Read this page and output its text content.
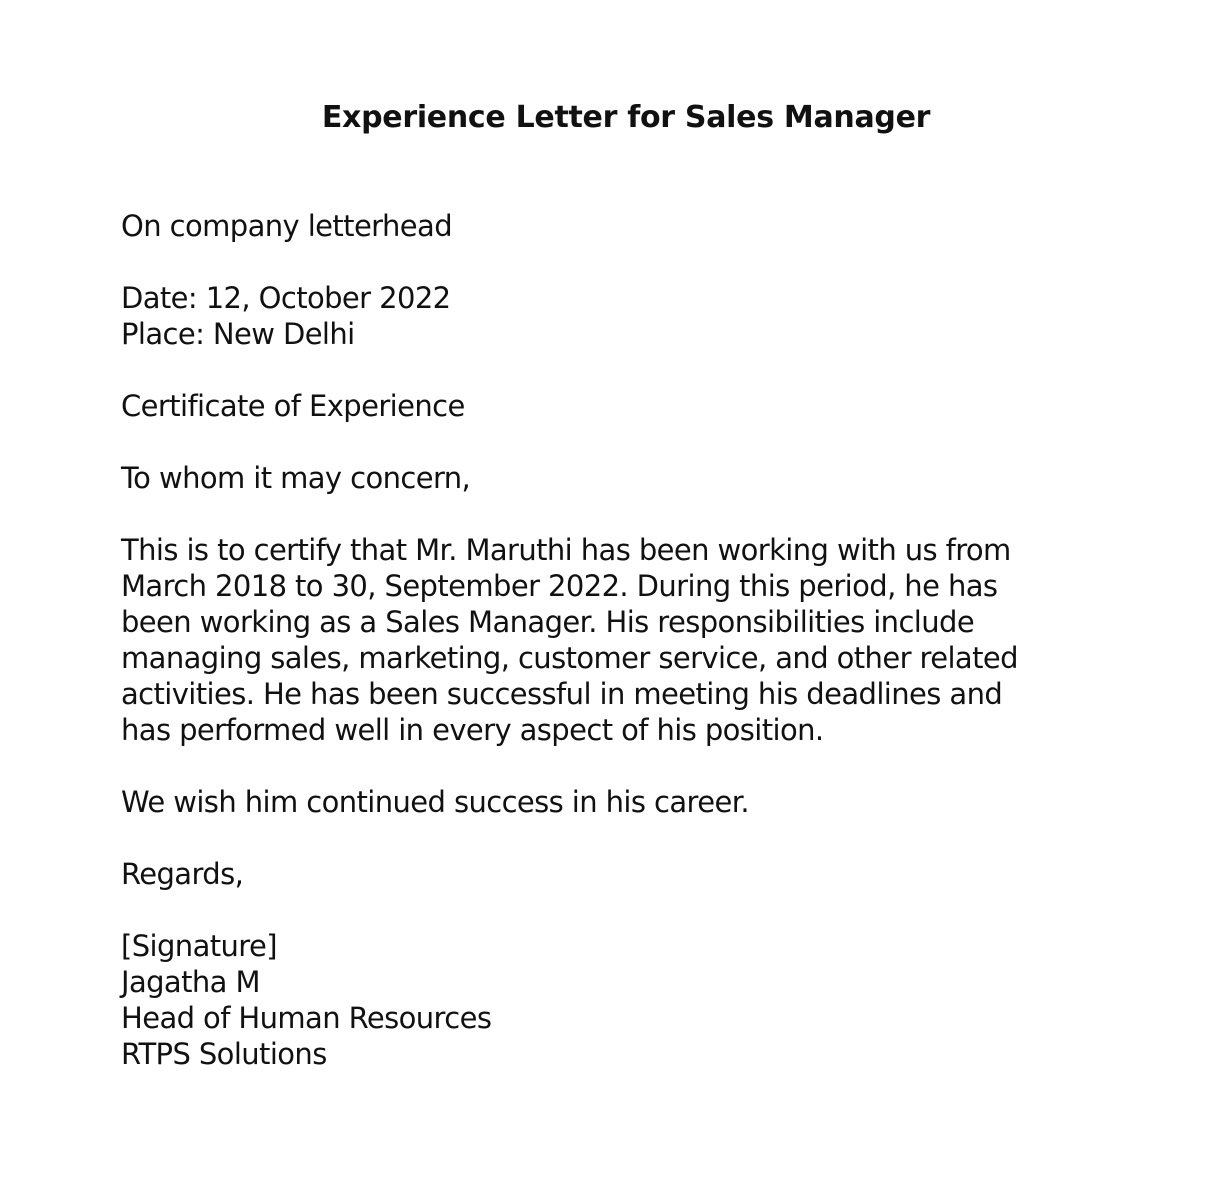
Experience Letter for Sales Manager
On company letterhead
Date: 12, October 2022
Place: New Delhi
Certificate of Experience
To whom it may concern,
This is to certify that Mr. Maruthi has been working with us from
March 2018 to 30, September 2022. During this period, he has
been working as a Sales Manager. His responsibilities include
managing sales, marketing, customer service, and other related
activities. He has been successful in meeting his deadlines and
has performed well in every aspect of his position.
We wish him continued success in his career.
Regards,
[Signature]
Jagatha M
Head of Human Resources
RTPS Solutions
